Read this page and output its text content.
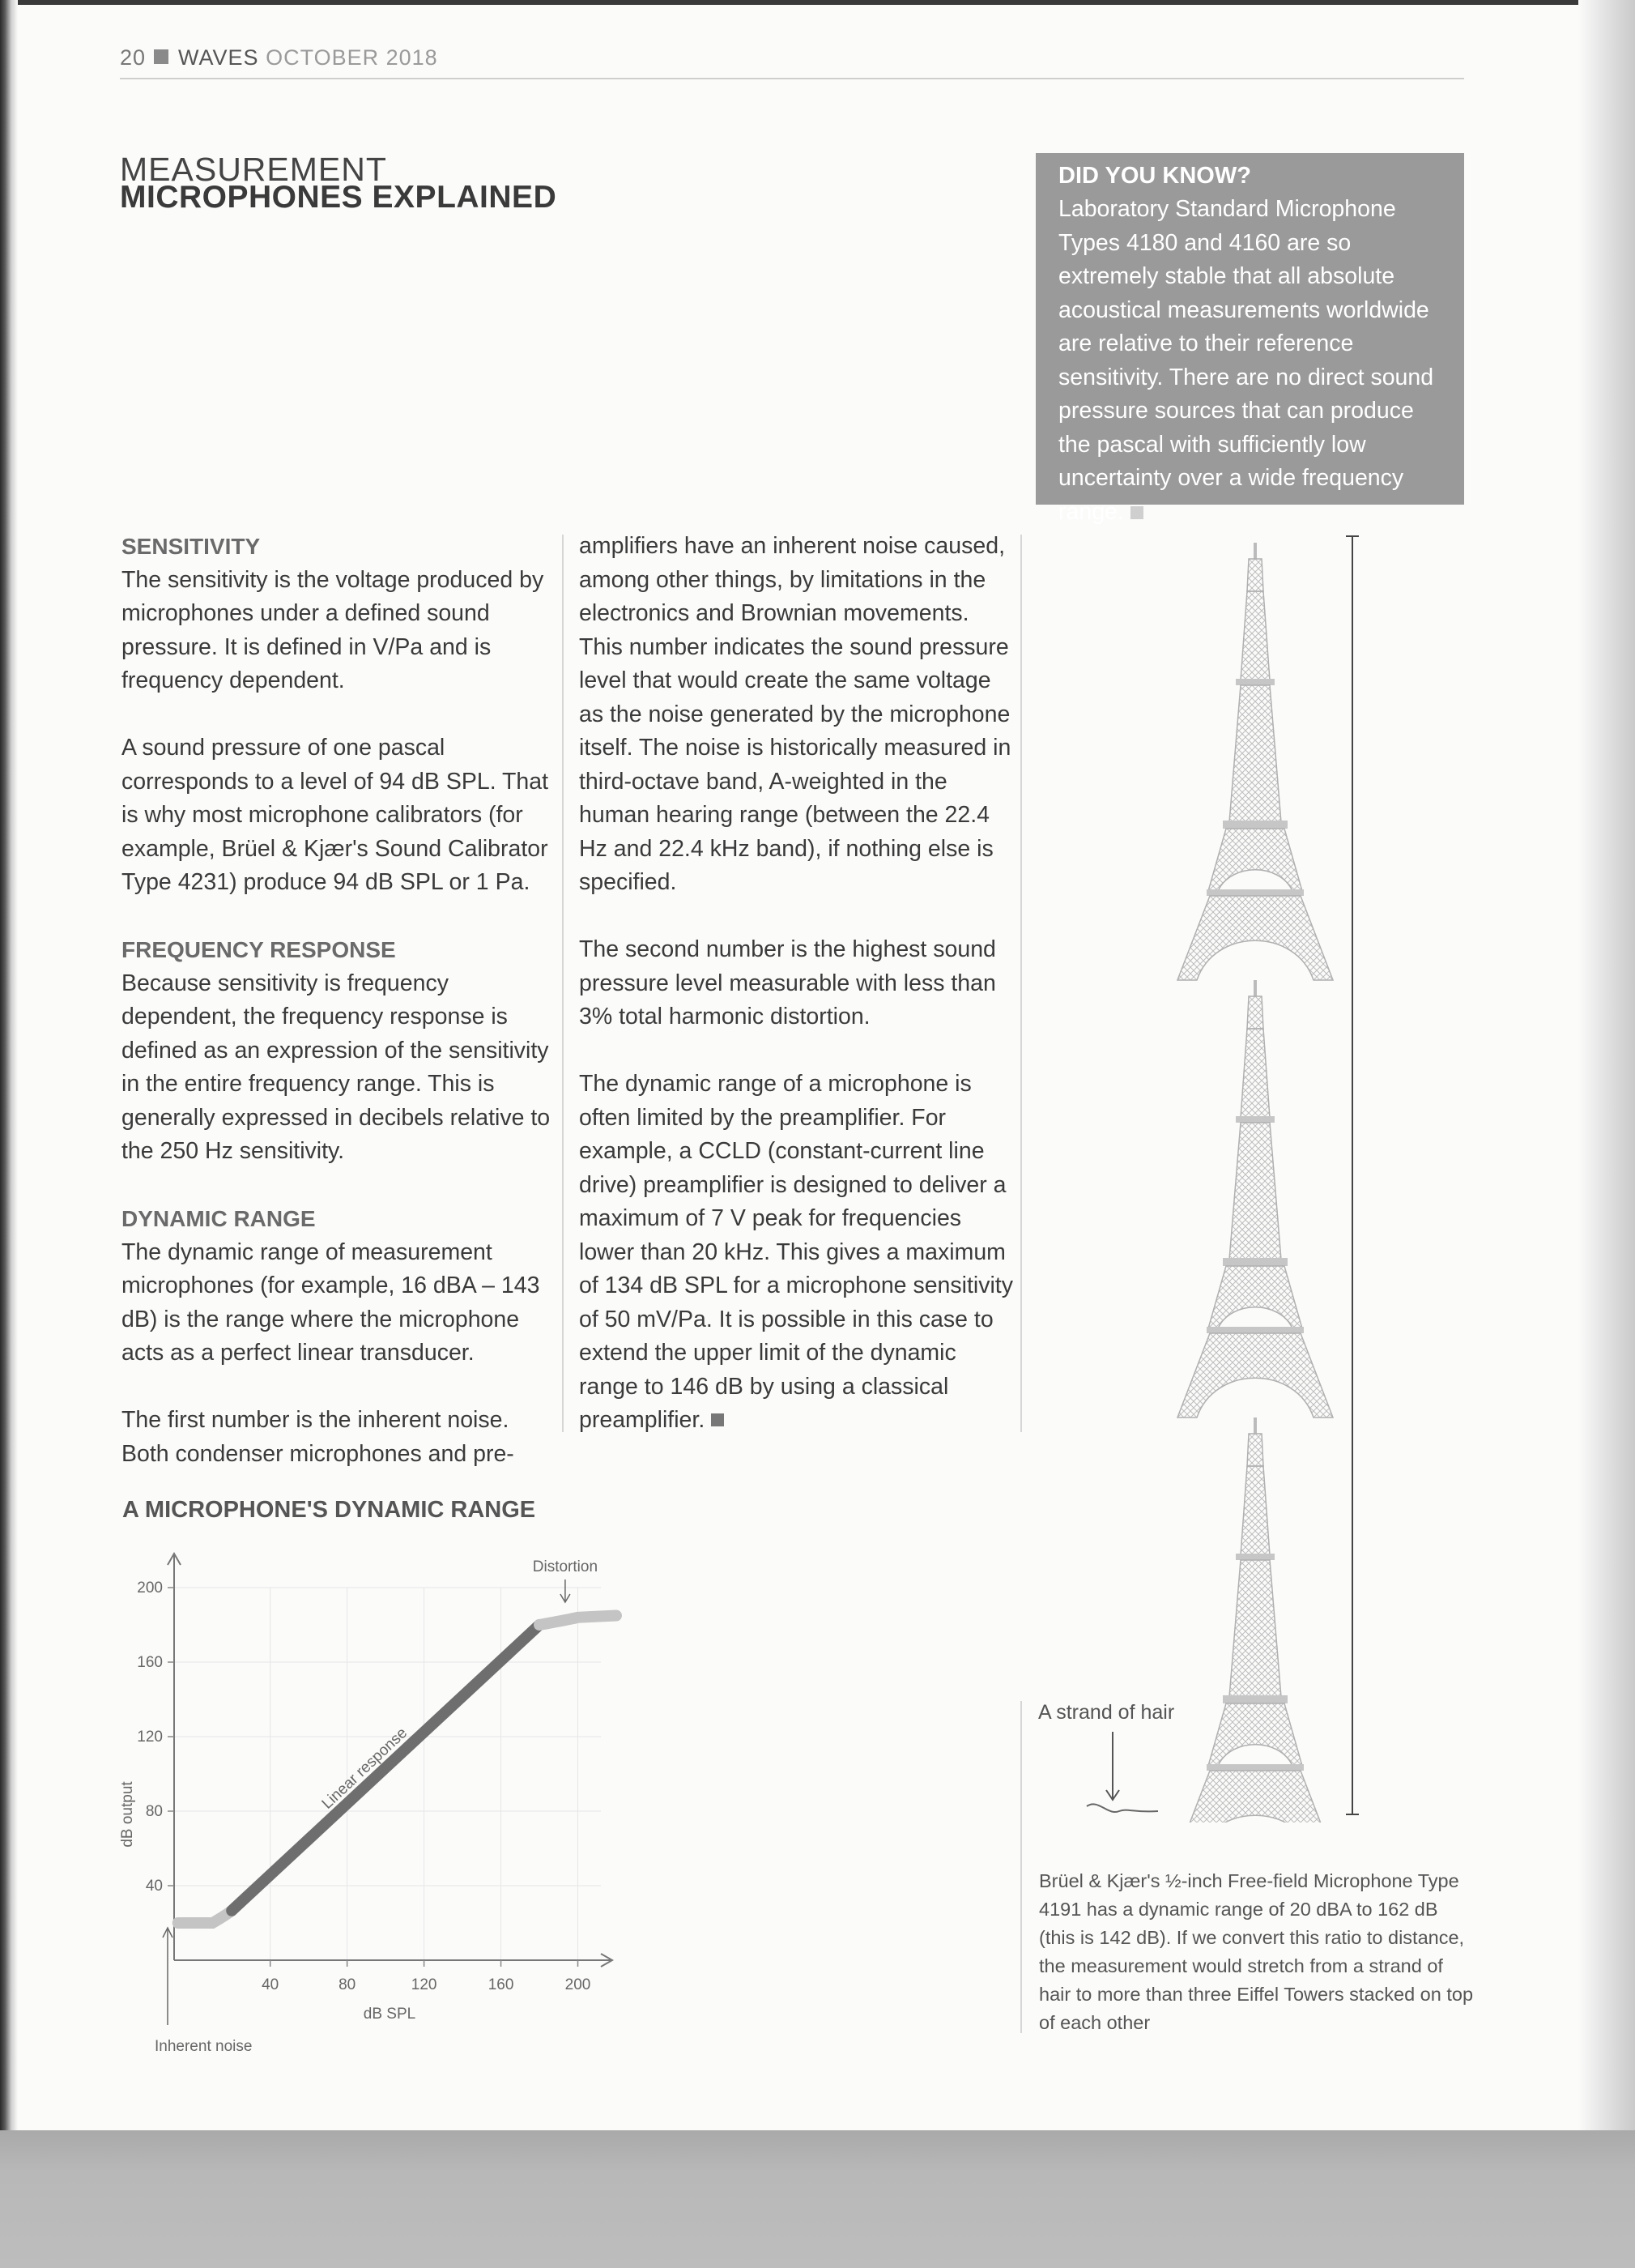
20 WAVES OCTOBER 2018
MEASUREMENT
MICROPHONES EXPLAINED
DID YOU KNOW?

Laboratory Standard Microphone Types 4180 and 4160 are so extremely stable that all absolute acoustical measurements worldwide are relative to their reference sensitivity. There are no direct sound pressure sources that can produce the pascal with sufficiently low uncertainty over a wide frequency range.

SENSITIVITY

The sensitivity is the voltage produced by microphones under a defined sound pressure. It is defined in V/Pa and is frequency dependent.

A sound pressure of one pascal corresponds to a level of 94 dB SPL. That is why most microphone calibrators (for example, Brüel & Kjær's Sound Calibrator Type 4231) produce 94 dB SPL or 1 Pa.

FREQUENCY RESPONSE

Because sensitivity is frequency dependent, the frequency response is defined as an expression of the sensitivity in the entire frequency range. This is generally expressed in decibels relative to the 250 Hz sensitivity.

DYNAMIC RANGE

The dynamic range of measurement microphones (for example, 16 dBA – 143 dB) is the range where the microphone acts as a perfect linear transducer.

The first number is the inherent noise. Both condenser microphones and pre-

amplifiers have an inherent noise caused, among other things, by limitations in the electronics and Brownian movements. This number indicates the sound pressure level that would create the same voltage as the noise generated by the microphone itself. The noise is historically measured in third-octave band, A-weighted in the human hearing range (between the 22.4 Hz and 22.4 kHz band), if nothing else is specified.

The second number is the highest sound pressure level measurable with less than 3% total harmonic distortion.

The dynamic range of a microphone is often limited by the preamplifier. For example, a CCLD (constant-current line drive) preamplifier is designed to deliver a maximum of 7 V peak for frequencies lower than 20 kHz. This gives a maximum of 134 dB SPL for a microphone sensitivity of 50 mV/Pa. It is possible in this case to extend the upper limit of the dynamic range to 146 dB by using a classical preamplifier.

A MICROPHONE'S DYNAMIC RANGE
dB SPL
dB output
40
80
120
160
200
40	80	120	160	200
Linear response
Distortion
Inherent noise
A strand of hair
Brüel & Kjær's ½-inch Free-field Microphone Type 4191 has a dynamic range of 20 dBA to 162 dB (this is 142 dB). If we convert this ratio to distance, the measurement would stretch from a strand of hair to more than three Eiffel Towers stacked on top of each other
